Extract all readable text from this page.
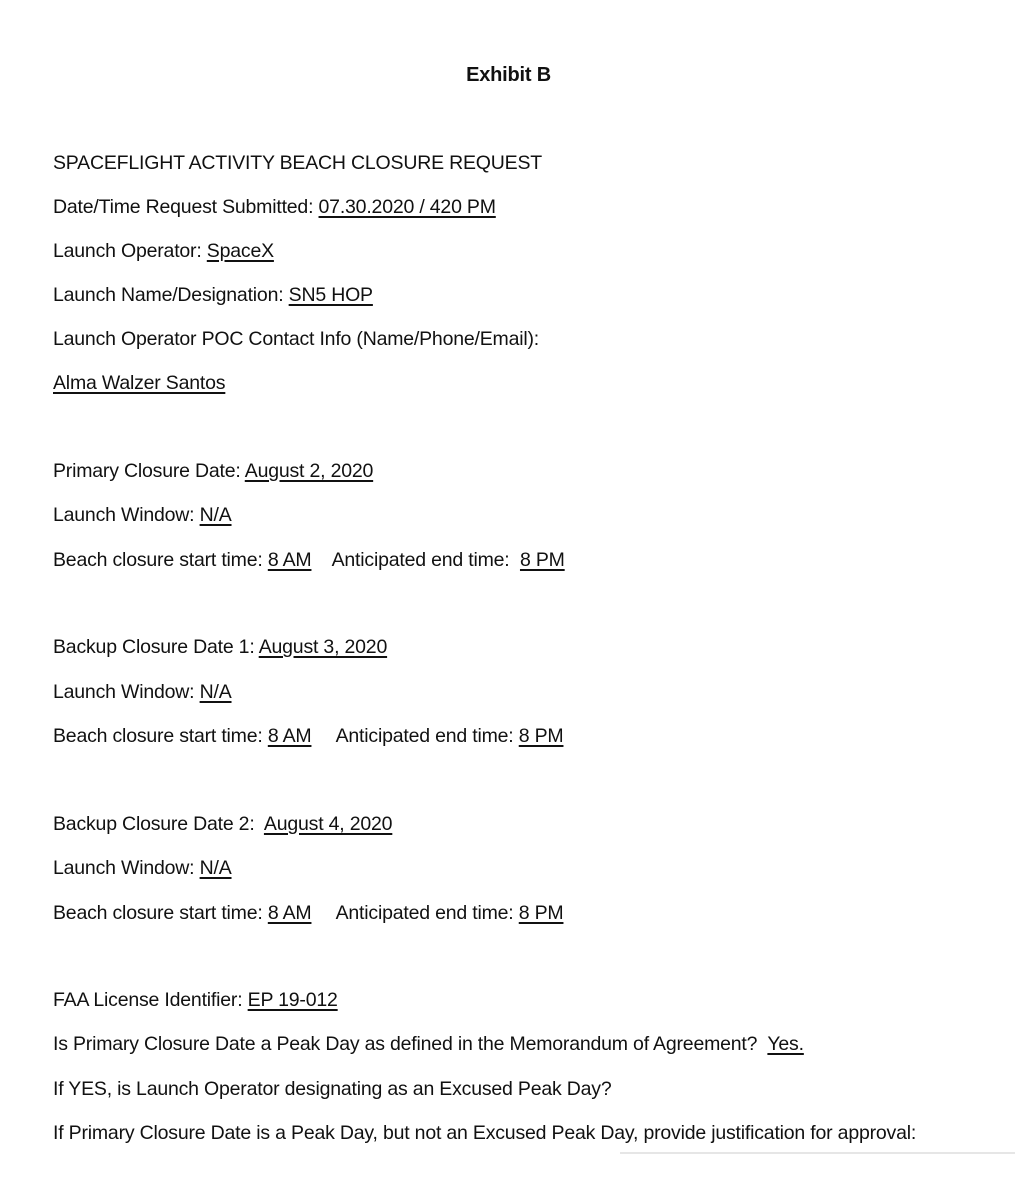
Exhibit B
SPACEFLIGHT ACTIVITY BEACH CLOSURE REQUEST
Date/Time Request Submitted: 07.30.2020 / 420 PM
Launch Operator: SpaceX
Launch Name/Designation: SN5 HOP
Launch Operator POC Contact Info (Name/Phone/Email):
Alma Walzer Santos
Primary Closure Date: August 2, 2020
Launch Window: N/A
Beach closure start time: 8 AM Anticipated end time: 8 PM
Backup Closure Date 1: August 3, 2020
Launch Window: N/A
Beach closure start time: 8 AM Anticipated end time: 8 PM
Backup Closure Date 2: August 4, 2020
Launch Window: N/A
Beach closure start time: 8 AM Anticipated end time: 8 PM
FAA License Identifier: EP 19-012
Is Primary Closure Date a Peak Day as defined in the Memorandum of Agreement? Yes.
If YES, is Launch Operator designating as an Excused Peak Day?
If Primary Closure Date is a Peak Day, but not an Excused Peak Day, provide justification for approval:
